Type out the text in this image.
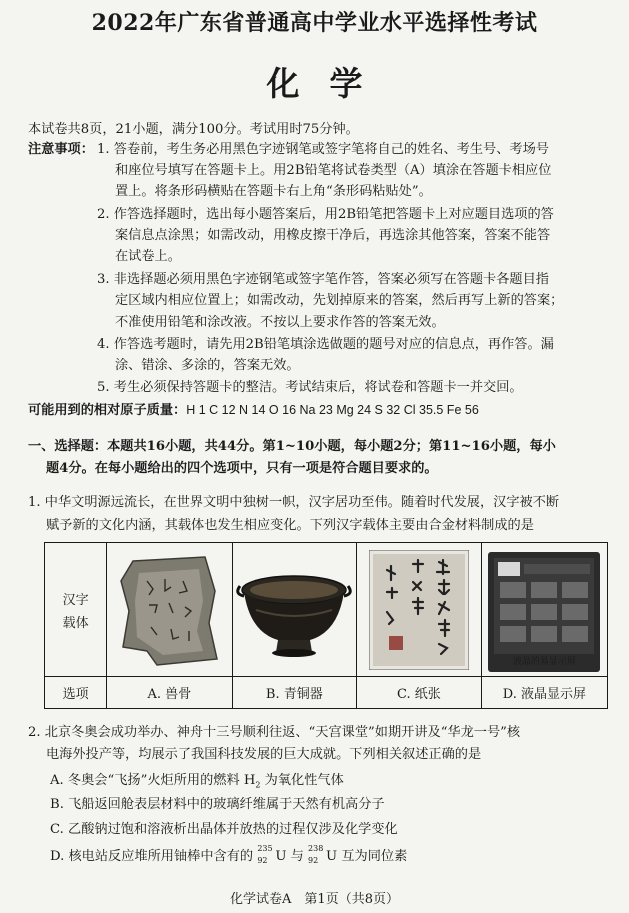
2022年广东省普通高中学业水平选择性考试
化学
本试卷共8页，21小题，满分100分。考试用时75分钟。
注意事项： 1. 答卷前，考生务必用黑色字迹钢笔或签字笔将自己的姓名、考生号、考场号
和座位号填写在答题卡上。用2B铅笔将试卷类型（A）填涂在答题卡相应位
置上。将条形码横贴在答题卡右上角“条形码粘贴处”。
2. 作答选择题时，选出每小题答案后，用2B铅笔把答题卡上对应题目选项的答
案信息点涂黑；如需改动，用橡皮擦干净后，再选涂其他答案，答案不能答
在试卷上。
3. 非选择题必须用黑色字迹钢笔或签字笔作答，答案必须写在答题卡各题目指
定区域内相应位置上；如需改动，先划掉原来的答案，然后再写上新的答案；
不准使用铅笔和涂改液。不按以上要求作答的答案无效。
4. 作答选考题时，请先用2B铅笔填涂选做题的题号对应的信息点，再作答。漏
涂、错涂、多涂的，答案无效。
5. 考生必须保持答题卡的整洁。考试结束后，将试卷和答题卡一并交回。
可能用到的相对原子质量：H 1 C 12 N 14 O 16 Na 23 Mg 24 S 32 Cl 35.5 Fe 56
一、选择题：本题共16小题，共44分。第1~10小题，每小题2分；第11~16小题，每小
题4分。在每小题给出的四个选项中，只有一项是符合题目要求的。
1. 中华文明源远流长，在世界文明中独树一帜，汉字居功至伟。随着时代发展，汉字被不断
赋予新的文化内涵，其载体也发生相应变化。下列汉字载体主要由合金材料制成的是
汉字
载体				液晶的易显示屏

选项	A. 兽骨	B. 青铜器	C. 纸张	D. 液晶显示屏
2. 北京冬奥会成功举办、神舟十三号顺利往返、“天宫课堂”如期开讲及“华龙一号”核
电海外投产等，均展示了我国科技发展的巨大成就。下列相关叙述正确的是
A. 冬奥会“飞扬”火炬所用的燃料 $H_2$ 为氧化性气体
B. 飞船返回舱表层材料中的玻璃纤维属于天然有机高分子
C. 乙酸钠过饱和溶液析出晶体并放热的过程仅涉及化学变化
D. 核电站反应堆所用铀棒中含有的
235
92 U 与
238
92 U 互为同位素
化学试卷A　第1页（共8页）
